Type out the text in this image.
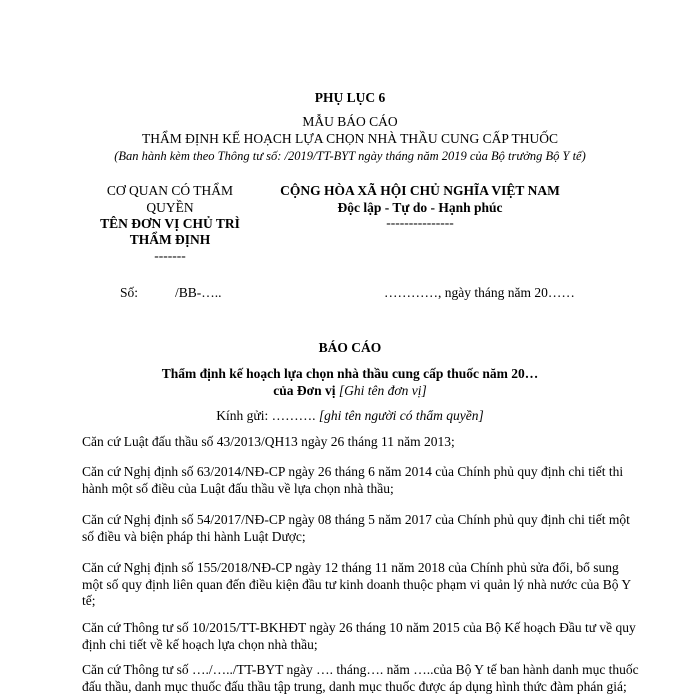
PHỤ LỤC 6
MẪU BÁO CÁO
THẨM ĐỊNH KẾ HOẠCH LỰA CHỌN NHÀ THẦU CUNG CẤP THUỐC
(Ban hành kèm theo Thông tư số: /2019/TT-BYT ngày tháng năm 2019 của Bộ trưởng Bộ Y tế)
CƠ QUAN CÓ THẨM
QUYỀN
TÊN ĐƠN VỊ CHỦ TRÌ
THẨM ĐỊNH
-------
CỘNG HÒA XÃ HỘI CHỦ NGHĨA VIỆT NAM
Độc lập - Tự do - Hạnh phúc
---------------
Số:	/BB-…..	…………, ngày tháng năm 20……
BÁO CÁO
Thẩm định kế hoạch lựa chọn nhà thầu cung cấp thuốc năm 20…
của Đơn vị [Ghi tên đơn vị]
Kính gửi: ………. [ghi tên người có thẩm quyền]
Căn cứ Luật đấu thầu số 43/2013/QH13 ngày 26 tháng 11 năm 2013;
Căn cứ Nghị định số 63/2014/NĐ-CP ngày 26 tháng 6 năm 2014 của Chính phủ quy định chi tiết thi hành một số điều của Luật đấu thầu về lựa chọn nhà thầu;
Căn cứ Nghị định số 54/2017/NĐ-CP ngày 08 tháng 5 năm 2017 của Chính phủ quy định chi tiết một số điều và biện pháp thi hành Luật Dược;
Căn cứ Nghị định số 155/2018/NĐ-CP ngày 12 tháng 11 năm 2018 của Chính phủ sửa đổi, bổ sung một số quy định liên quan đến điều kiện đầu tư kinh doanh thuộc phạm vi quản lý nhà nước của Bộ Y tế;
Căn cứ Thông tư số 10/2015/TT-BKHĐT ngày 26 tháng 10 năm 2015 của Bộ Kế hoạch Đầu tư về quy định chi tiết về kế hoạch lựa chọn nhà thầu;
Căn cứ Thông tư số …./…../TT-BYT ngày …. tháng…. năm …..của Bộ Y tế ban hành danh mục thuốc đấu thầu, danh mục thuốc đấu thầu tập trung, danh mục thuốc được áp dụng hình thức đàm phán giá;
